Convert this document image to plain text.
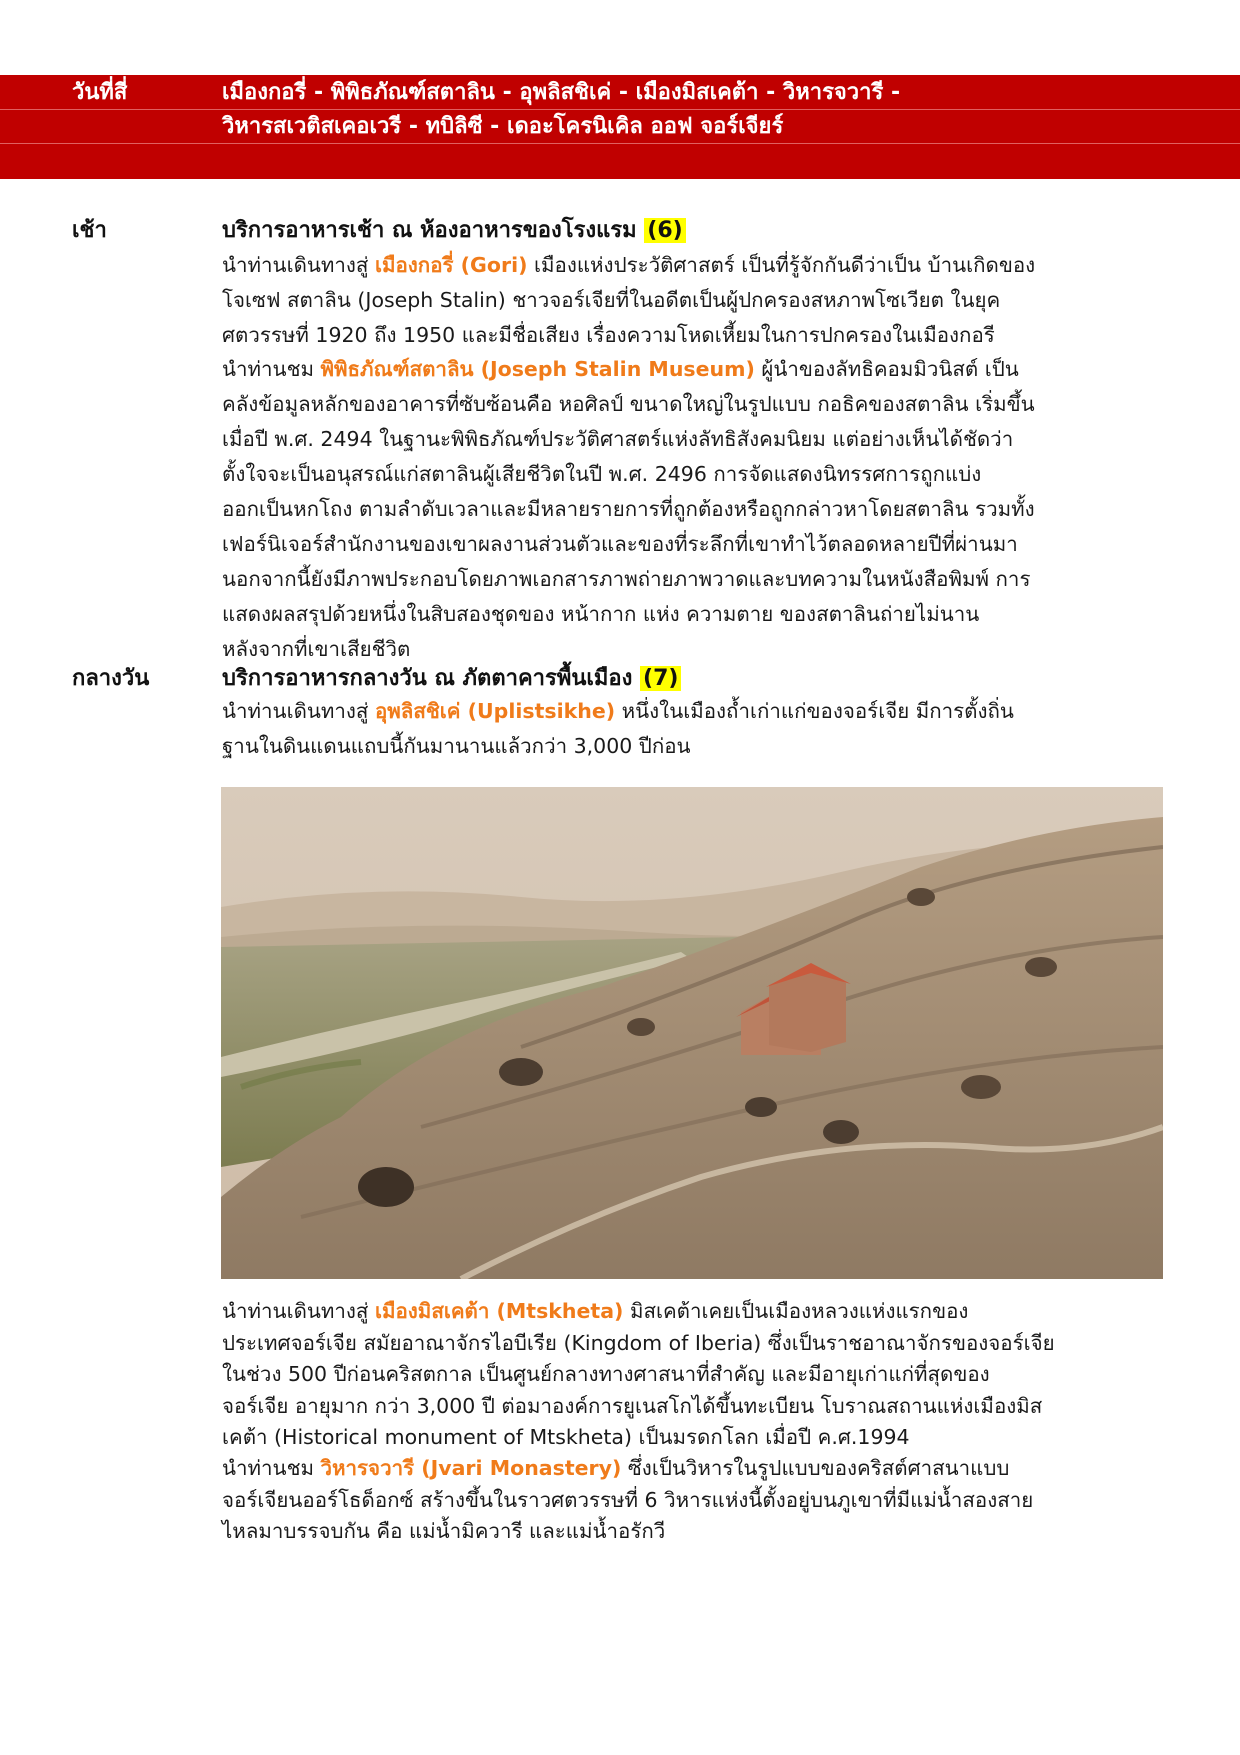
วันที่สี่	เมืองกอรี่ - พิพิธภัณฑ์สตาลิน - อุพลิสชิเค่ - เมืองมิสเคต้า - วิหารจวารี -
วิหารสเวติสเคอเวรี - ทบิลิซี - เดอะโครนิเคิล ออฟ จอร์เจียร์
เช้า	บริการอาหารเช้า ณ ห้องอาหารของโรงแรม (6)
นำท่านเดินทางสู่ เมืองกอรี่ (Gori) เมืองแห่งประวัติศาสตร์ เป็นที่รู้จักกันดีว่าเป็น บ้านเกิดของ
โจเซฟ สตาลิน (Joseph Stalin) ชาวจอร์เจียที่ในอดีตเป็นผู้ปกครองสหภาพโซเวียต ในยุค
ศตวรรษที่ 1920 ถึง 1950 และมีชื่อเสียง เรื่องความโหดเหี้ยมในการปกครองในเมืองกอรี
นำท่านชม พิพิธภัณฑ์สตาลิน (Joseph Stalin Museum) ผู้นำของลัทธิคอมมิวนิสต์ เป็น
คลังข้อมูลหลักของอาคารที่ซับซ้อนคือ หอศิลป์ ขนาดใหญ่ในรูปแบบ กอธิคของสตาลิน เริ่มขึ้น
เมื่อปี พ.ศ. 2494 ในฐานะพิพิธภัณฑ์ประวัติศาสตร์แห่งลัทธิสังคมนิยม แต่อย่างเห็นได้ชัดว่า
ตั้งใจจะเป็นอนุสรณ์แก่สตาลินผู้เสียชีวิตในปี พ.ศ. 2496 การจัดแสดงนิทรรศการถูกแบ่ง
ออกเป็นหกโถง ตามลำดับเวลาและมีหลายรายการที่ถูกต้องหรือถูกกล่าวหาโดยสตาลิน รวมทั้ง
เฟอร์นิเจอร์สำนักงานของเขาผลงานส่วนตัวและของที่ระลึกที่เขาทำไว้ตลอดหลายปีที่ผ่านมา
นอกจากนี้ยังมีภาพประกอบโดยภาพเอกสารภาพถ่ายภาพวาดและบทความในหนังสือพิมพ์ การ
แสดงผลสรุปด้วยหนึ่งในสิบสองชุดของ หน้ากาก แห่ง ความตาย ของสตาลินถ่ายไม่นาน
หลังจากที่เขาเสียชีวิต
กลางวัน	บริการอาหารกลางวัน ณ ภัตตาคารพื้นเมือง (7)
นำท่านเดินทางสู่ อุพลิสชิเค่ (Uplistsikhe) หนึ่งในเมืองถ้ำเก่าแก่ของจอร์เจีย มีการตั้งถิ่น
ฐานในดินแดนแถบนี้กันมานานแล้วกว่า 3,000 ปีก่อน
นำท่านเดินทางสู่ เมืองมิสเคต้า (Mtskheta) มิสเคต้าเคยเป็นเมืองหลวงแห่งแรกของ
ประเทศจอร์เจีย สมัยอาณาจักรไอบีเรีย (Kingdom of Iberia) ซึ่งเป็นราชอาณาจักรของจอร์เจีย
ในช่วง 500 ปีก่อนคริสตกาล เป็นศูนย์กลางทางศาสนาที่สำคัญ และมีอายุเก่าแก่ที่สุดของ
จอร์เจีย อายุมาก กว่า 3,000 ปี ต่อมาองค์การยูเนสโกได้ขึ้นทะเบียน โบราณสถานแห่งเมืองมิส
เคต้า (Historical monument of Mtskheta) เป็นมรดกโลก เมื่อปี ค.ศ.1994
นำท่านชม วิหารจวารี (Jvari Monastery) ซึ่งเป็นวิหารในรูปแบบของคริสต์ศาสนาแบบ
จอร์เจียนออร์โธด็อกซ์ สร้างขึ้นในราวศตวรรษที่ 6 วิหารแห่งนี้ตั้งอยู่บนภูเขาที่มีแม่น้ำสองสาย
ไหลมาบรรจบกัน คือ แม่น้ำมิควารี และแม่น้ำอรักวี
